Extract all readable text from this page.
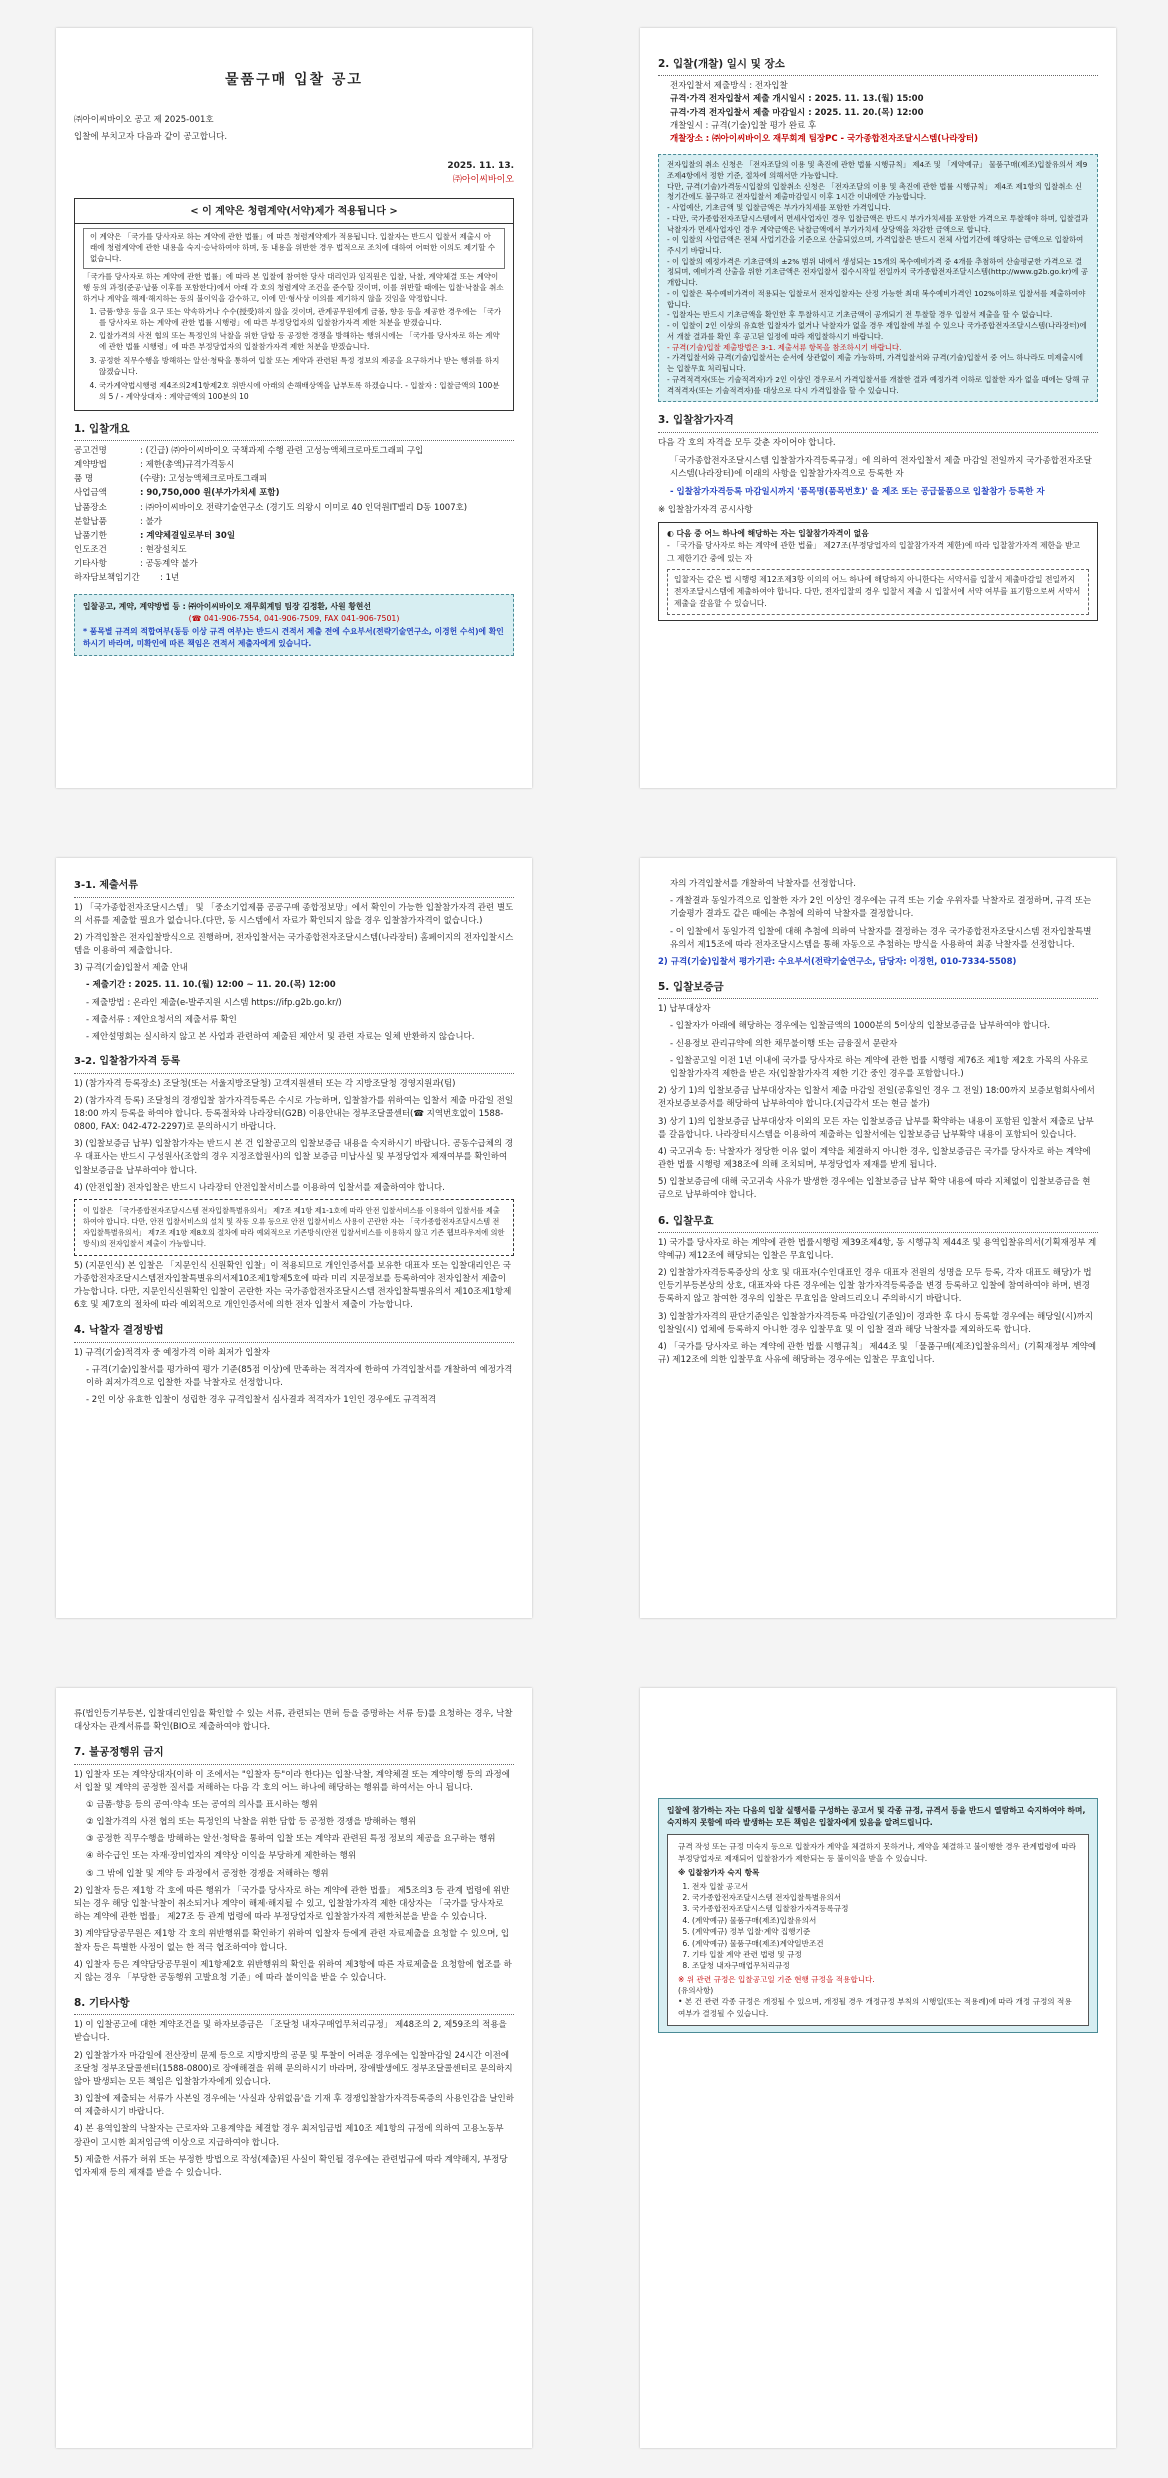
물품구매 입찰 공고

㈜아이씨바이오 공고 제 2025-001호

입찰에 부치고자 다음과 같이 공고합니다.

2025. 11. 13.
㈜아이씨바이오
< 이 계약은 청렴계약(서약)제가 적용됩니다 >
이 계약은 「국가를 당사자로 하는 계약에 관한 법률」에 따른 청렴계약제가 적용됩니다. 입찰자는 반드시 입찰서 제출시 아래에 청렴계약에 관한 내용을 숙지·승낙하여야 하며, 동 내용을 위반한 경우 법적으로 조치에 대하여 어떠한 이의도 제기할 수 없습니다.
「국가를 당사자로 하는 계약에 관한 법률」에 따라 본 입찰에 참여한 당사 대리인과 임직원은 입찰, 낙찰, 계약체결 또는 계약이행 등의 과정(준공·납품 이후를 포함한다)에서 아래 각 호의 청렴계약 조건을 준수할 것이며, 이를 위반할 때에는 입찰·낙찰을 취소하거나 계약을 해제·해지하는 등의 불이익을 감수하고, 이에 민·형사상 이의를 제기하지 않을 것임을 약정합니다.
1. 금품·향응 등을 요구 또는 약속하거나 수수(授受)하지 않을 것이며, 관계공무원에게 금품, 향응 등을 제공한 경우에는 「국가를 당사자로 하는 계약에 관한 법률 시행령」에 따른 부정당업자의 입찰참가자격 제한 처분을 받겠습니다.
2. 입찰가격의 사전 협의 또는 특정인의 낙찰을 위한 담합 등 공정한 경쟁을 방해하는 행위시에는 「국가를 당사자로 하는 계약에 관한 법률 시행령」에 따른 부정당업자의 입찰참가자격 제한 처분을 받겠습니다.
3. 공정한 직무수행을 방해하는 알선·청탁을 통하여 입찰 또는 계약과 관련된 특정 정보의 제공을 요구하거나 받는 행위를 하지 않겠습니다.
4. 국가계약법시행령 제4조의2제1항제2호 위반시에 아래의 손해배상액을 납부토록 하겠습니다. - 입찰자 : 입찰금액의 100분의 5 / - 계약상대자 : 계약금액의 100분의 10
1. 입찰개요
공고건명	: (긴급) ㈜아이씨바이오 국책과제 수행 관련 고성능액체크로마토그래피 구입
계약방법	: 제한(총액)규격가격동시
품 명	(수량): 고성능액체크로마토그래피
사업금액	: 90,750,000 원(부가가치세 포함)
납품장소	: ㈜아이씨바이오 전략기술연구소 (경기도 의왕시 이미로 40 인덕원IT밸리 D동 1007호)
분할납품	: 불가
납품기한	: 계약체결일로부터 30일
인도조건	: 현장설치도
기타사항	: 공동계약 불가
하자담보책임기간	: 1년
입찰공고, 계약, 계약방법 등 : ㈜아이씨바이오 재무회계팀 팀장 김정환, 사원 황현선
(☎ 041-906-7554, 041-906-7509, FAX 041-906-7501)
* 품목별 규격의 적합여부(동등 이상 규격 여부)는 반드시 견적서 제출 전에 수요부서(전략기술연구소, 이경헌 수석)에 확인하시기 바라며, 미확인에 따른 책임은 견적서 제출자에게 있습니다.
2. 입찰(개찰) 일시 및 장소
전자입찰서 제출방식 : 전자입찰
규격·가격 전자입찰서 제출 개시일시 : 2025. 11. 13.(월) 15:00
규격·가격 전자입찰서 제출 마감일시 : 2025. 11. 20.(목) 12:00
개찰일시 : 규격(기술)입찰 평가 완료 후
개찰장소 : ㈜아이씨바이오 재무회계 팀장PC - 국가종합전자조달시스템(나라장터)
전자입찰의 취소 신청은 「전자조달의 이용 및 촉진에 관한 법률 시행규칙」 제4조 및 「계약예규」 물품구매(제조)입찰유의서 제9조제4항에서 정한 기준, 절차에 의해서만 가능합니다.
다만, 규격(기술)가격동시입찰의 입찰취소 신청은 「전자조달의 이용 및 촉진에 관한 법률 시행규칙」 제4조 제1항의 입찰취소 신청기간에도 불구하고 전자입찰서 제출마감일시 이후 1시간 이내에만 가능합니다.
- 사업예산, 기초금액 및 입찰금액은 부가가치세를 포함한 가격입니다.
- 다만, 국가종합전자조달시스템에서 면세사업자인 경우 입찰금액은 반드시 부가가치세를 포함한 가격으로 투찰해야 하며, 입찰결과 낙찰자가 면세사업자인 경우 계약금액은 낙찰금액에서 부가가치세 상당액을 차감한 금액으로 합니다.
- 이 입찰의 사업금액은 전체 사업기간을 기준으로 산출되었으며, 가격입찰은 반드시 전체 사업기간에 해당하는 금액으로 입찰하여 주시기 바랍니다.
- 이 입찰의 예정가격은 기초금액의 ±2% 범위 내에서 생성되는 15개의 복수예비가격 중 4개를 추첨하여 산술평균한 가격으로 결정되며, 예비가격 산출을 위한 기초금액은 전자입찰서 접수시작일 전일까지 국가종합전자조달시스템(http://www.g2b.go.kr)에 공개합니다.
- 이 입찰은 복수예비가격이 적용되는 입찰로서 전자입찰자는 산정 가능한 최대 복수예비가격인 102%이하로 입찰서를 제출하여야 합니다.
- 입찰자는 반드시 기초금액을 확인한 후 투찰하시고 기초금액이 공개되기 전 투찰할 경우 입찰서 제출을 할 수 없습니다.
- 이 입찰이 2인 이상의 유효한 입찰자가 없거나 낙찰자가 없을 경우 재입찰에 부칠 수 있으나 국가종합전자조달시스템(나라장터)에서 개찰 결과를 확인 후 공고된 일정에 따라 재입찰하시기 바랍니다.
- 규격(기술)입찰 제출방법은 3-1. 제출서류 항목을 참조하시기 바랍니다.
- 가격입찰서와 규격(기술)입찰서는 순서에 상관없이 제출 가능하며, 가격입찰서와 규격(기술)입찰서 중 어느 하나라도 미제출시에는 입찰무효 처리됩니다.
- 규격적격자(또는 기술적격자)가 2인 이상인 경우로서 가격입찰서를 개찰한 결과 예정가격 이하로 입찰한 자가 없을 때에는 당해 규격적격자(또는 기술적격자)를 대상으로 다시 가격입찰을 할 수 있습니다.
3. 입찰참가자격
다음 각 호의 자격을 모두 갖춘 자이어야 합니다.
「국가종합전자조달시스템 입찰참가자격등록규정」에 의하여 전자입찰서 제출 마감일 전일까지 국가종합전자조달시스템(나라장터)에 이래의 사항을 입찰참가자격으로 등록한 자
- 입찰참가자격등록 마감일시까지 '품목명(품목번호)' 을 제조 또는 공급물품으로 입찰참가 등록한 자
※ 입찰참가자격 공시사항
◐ 다음 중 어느 하나에 해당하는 자는 입찰참가자격이 없음
- 「국가를 당사자로 하는 계약에 관한 법률」 제27조(부정당업자의 입찰참가자격 제한)에 따라 입찰참가자격 제한을 받고 그 제한기간 중에 있는 자
입찰자는 같은 법 시행령 제12조제3항 이의의 어느 하나에 해당하지 아니한다는 서약서를 입찰서 제출마감일 전일까지 전자조달시스템에 제출하여야 합니다. 다만, 전자입찰의 경우 입찰서 제출 시 입찰서에 서약 여부를 표기함으로써 서약서 제출을 갈음할 수 있습니다.
3-1. 제출서류
1) 「국가종합전자조달시스템」 및 「중소기업제품 공공구매 종합정보망」에서 확인이 가능한 입찰참가자격 관련 별도의 서류를 제출할 필요가 없습니다.(다만, 동 시스템에서 자료가 확인되지 않을 경우 입찰참가자격이 없습니다.)
2) 가격입찰은 전자입찰방식으로 진행하며, 전자입찰서는 국가종합전자조달시스템(나라장터) 홈페이지의 전자입찰시스템을 이용하여 제출합니다.
3) 규격(기술)입찰서 제출 안내
- 제출기간 : 2025. 11. 10.(월) 12:00 ~ 11. 20.(목) 12:00
- 제출방법 : 온라인 제출(e-발주지원 시스템 https://ifp.g2b.go.kr/)
- 제출서류 : 제안요청서의 제출서류 확인
- 제안설명회는 실시하지 않고 본 사업과 관련하여 제출된 제안서 및 관련 자료는 일체 반환하지 않습니다.
3-2. 입찰참가자격 등록
1) (참가자격 등록장소) 조달청(또는 서울지방조달청) 고객지원센터 또는 각 지방조달청 경영지원과(팀)
2) (참가자격 등록) 조달청의 경쟁입찰 참가자격등록은 수시로 가능하며, 입찰참가를 위하여는 입찰서 제출 마감일 전일 18:00 까지 등록을 하여야 합니다. 등록절차와 나라장터(G2B) 이용안내는 정부조달콜센터(☎ 지역번호없이 1588-0800, FAX: 042-472-2297)로 문의하시기 바랍니다.
3) (입찰보증금 납부) 입찰참가자는 반드시 본 건 입찰공고의 입찰보증금 내용을 숙지하시기 바랍니다. 공동수급체의 경우 대표사는 반드시 구성원사(조합의 경우 지정조합원사)의 입찰 보증금 미납사실 및 부정당업자 제재여부를 확인하여 입찰보증금을 납부하여야 합니다.
4) (안전입찰) 전자입찰은 반드시 나라장터 안전입찰서비스를 이용하여 입찰서를 제출하여야 합니다.
이 입찰은 「국가종합전자조달시스템 전자입찰특별유의서」 제7조 제1항 제1-1호에 따라 안전 입찰서비스를 이용하여 입찰서를 제출하여야 합니다. 다만, 안전 입찰서비스의 설치 및 작동 오류 등으로 안전 입찰서비스 사용이 곤란한 자는 「국가종합전자조달시스템 전자입찰특별유의서」 제7조 제1항 제8호의 절차에 따라 예외적으로 기존방식(안전 입찰서비스를 이용하지 않고 기존 웹브라우저에 의한 방식)의 전자입찰서 제출이 가능합니다.
5) (지문인식) 본 입찰은 「지문인식 신원확인 입찰」이 적용되므로 개인인증서를 보유한 대표자 또는 입찰대리인은 국가종합전자조달시스템전자입찰특별유의서제10조제1항제5호에 따라 미리 지문정보를 등록하여야 전자입찰서 제출이 가능합니다. 다만, 지문인식신원확인 입찰이 곤란한 자는 국가종합전자조달시스템 전자입찰특별유의서 제10조제1항제6호 및 제7호의 절차에 따라 예외적으로 개인인증서에 의한 전자 입찰서 제출이 가능합니다.
4. 낙찰자 결정방법
1) 규격(기술)적격자 중 예정가격 이하 최저가 입찰자
- 규격(기술)입찰서를 평가하여 평가 기준(85점 이상)에 만족하는 적격자에 한하여 가격입찰서를 개찰하여 예정가격이하 최저가격으로 입찰한 자를 낙찰자로 선정합니다.
- 2인 이상 유효한 입찰이 성립한 경우 규격입찰서 심사결과 적격자가 1인인 경우에도 규격적격
자의 가격입찰서를 개찰하여 낙찰자를 선정합니다.
- 개찰결과 동일가격으로 입찰한 자가 2인 이상인 경우에는 규격 또는 기술 우위자를 낙찰자로 결정하며, 규격 또는 기술평가 결과도 같은 때에는 추첨에 의하여 낙찰자를 결정합니다.
- 이 입찰에서 동일가격 입찰에 대해 추첨에 의하여 낙찰자를 결정하는 경우 국가종합전자조달시스템 전자입찰특별유의서 제15조에 따라 전자조달시스템을 통해 자동으로 추첨하는 방식을 사용하여 최종 낙찰자를 선정합니다.
2) 규격(기술)입찰서 평가기관: 수요부서(전략기술연구소, 담당자: 이경헌, 010-7334-5508)
5. 입찰보증금
1) 납부대상자
- 입찰자가 아래에 해당하는 경우에는 입찰금액의 1000분의 5이상의 입찰보증금을 납부하여야 합니다.
- 신용정보 관리규약에 의한 채무불이행 또는 금융질서 문란자
- 입찰공고일 이전 1년 이내에 국가를 당사자로 하는 계약에 관한 법률 시행령 제76조 제1항 제2호 가목의 사유로 입찰참가자격 제한을 받은 자(입찰참가자격 제한 기간 중인 경우를 포함합니다.)
2) 상기 1)의 입찰보증금 납부대상자는 입찰서 제출 마감일 전일(공휴일인 경우 그 전일) 18:00까지 보증보험회사에서 전자보증보증서를 해당하여 납부하여야 합니다.(지급각서 또는 현금 불가)
3) 상기 1)의 입찰보증금 납부대상자 이외의 모든 자는 입찰보증금 납부를 확약하는 내용이 포함된 입찰서 제출로 납부를 갈음합니다. 나라장터시스템을 이용하여 제출하는 입찰서에는 입찰보증금 납부확약 내용이 포함되어 있습니다.
4) 국고귀속 등: 낙찰자가 정당한 이유 없이 계약을 체결하지 아니한 경우, 입찰보증금은 국가를 당사자로 하는 계약에 관한 법률 시행령 제38조에 의해 조치되며, 부정당업자 제재를 받게 됩니다.
5) 입찰보증금에 대해 국고귀속 사유가 발생한 경우에는 입찰보증금 납부 확약 내용에 따라 지체없이 입찰보증금을 현금으로 납부하여야 합니다.
6. 입찰무효
1) 국가를 당사자로 하는 계약에 관한 법률시행령 제39조제4항, 동 시행규칙 제44조 및 용역입찰유의서(기획재정부 계약예규) 제12조에 해당되는 입찰은 무효입니다.
2) 입찰참가자격등록증상의 상호 및 대표자(수인대표인 경우 대표자 전원의 성명을 모두 등록, 각자 대표도 해당)가 법인등기부등본상의 상호, 대표자와 다른 경우에는 입찰 참가자격등록증을 변경 등록하고 입찰에 참여하여야 하며, 변경등록하지 않고 참여한 경우의 입찰은 무효임을 알려드리오니 주의하시기 바랍니다.
3) 입찰참가자격의 판단기준일은 입찰참가자격등록 마감일(기준일)이 경과한 후 다시 등록할 경우에는 해당일(시)까지 입찰일(시) 업체에 등록하지 아니한 경우 입찰무효 및 이 입찰 결과 해당 낙찰자를 제외하도록 합니다.
4) 「국가를 당사자로 하는 계약에 관한 법률 시행규칙」 제44조 및 「물품구매(제조)입찰유의서」(기획재정부 계약예규) 제12조에 의한 입찰무효 사유에 해당하는 경우에는 입찰은 무효입니다.
류(법인등기부등본, 입찰대리인임을 확인할 수 있는 서류, 관련되는 면허 등을 증명하는 서류 등)를 요청하는 경우, 낙찰대상자는 관계서류를 확인(BIO로 제출하여야 합니다.
7. 불공정행위 금지
1) 입찰자 또는 계약상대자(이하 이 조에서는 "입찰자 등"이라 한다)는 입찰·낙찰, 계약체결 또는 계약이행 등의 과정에서 입찰 및 계약의 공정한 질서를 저해하는 다음 각 호의 어느 하나에 해당하는 행위를 하여서는 아니 됩니다.
① 금품·향응 등의 공여·약속 또는 공여의 의사를 표시하는 행위
② 입찰가격의 사전 협의 또는 특정인의 낙찰을 위한 담합 등 공정한 경쟁을 방해하는 행위
③ 공정한 직무수행을 방해하는 알선·청탁을 통하여 입찰 또는 계약과 관련된 특정 정보의 제공을 요구하는 행위
④ 하수급인 또는 자재·장비업자의 계약상 이익을 부당하게 제한하는 행위
⑤ 그 밖에 입찰 및 계약 등 과정에서 공정한 경쟁을 저해하는 행위
2) 입찰자 등은 제1항 각 호에 따른 행위가 「국가를 당사자로 하는 계약에 관한 법률」 제5조의3 등 관계 법령에 위반되는 경우 해당 입찰·낙찰이 취소되거나 계약이 해제·해지될 수 있고, 입찰참가자격 제한 대상자는 「국가를 당사자로 하는 계약에 관한 법률」 제27조 등 관계 법령에 따라 부정당업자로 입찰참가자격 제한처분을 받을 수 있습니다.
3) 계약담당공무원은 제1항 각 호의 위반행위를 확인하기 위하여 입찰자 등에게 관련 자료제출을 요청할 수 있으며, 입찰자 등은 특별한 사정이 없는 한 적극 협조하여야 합니다.
4) 입찰자 등은 계약담당공무원이 제1항제2호 위반행위의 확인을 위하여 제3항에 따른 자료제출을 요청함에 협조를 하지 않는 경우 「부당한 공동행위 고발요청 기준」에 따라 불이익을 받을 수 있습니다.
8. 기타사항
1) 이 입찰공고에 대한 계약조건을 및 하자보증금은 「조달청 내자구매업무처리규정」 제48조의 2, 제59조의 적용을 받습니다.
2) 입찰참가자 마감일에 전산장비 문제 등으로 지방지방의 공문 및 투찰이 어려운 경우에는 입찰마감일 24시간 이전에 조달청 정부조달콜센터(1588-0800)로 장애해결을 위해 문의하시기 바라며, 장애발생에도 정부조달콜센터로 문의하지 않아 발생되는 모든 책임은 입찰참가자에게 있습니다.
3) 입찰에 제출되는 서류가 사본일 경우에는 '사실과 상위없음'을 기재 후 경쟁입찰참가자격등록증의 사용인감을 날인하여 제출하시기 바랍니다.
4) 본 용역입찰의 낙찰자는 근로자와 고용계약을 체결할 경우 최저임금법 제10조 제1항의 규정에 의하여 고용노동부 장관이 고시한 최저임금액 이상으로 지급하여야 합니다.
5) 제출한 서류가 허위 또는 부정한 방법으로 작성(제출)된 사실이 확인될 경우에는 관련법규에 따라 계약해지, 부정당업자제재 등의 제재를 받을 수 있습니다.
입찰에 참가하는 자는 다음의 입찰 실행서를 구성하는 공고서 및 각종 규정, 규격서 등을 반드시 열람하고 숙지하여야 하며, 숙지하지 못함에 따라 발생하는 모든 책임은 입찰자에게 있음을 알려드립니다.
규격 작성 또는 규정 미숙지 등으로 입찰자가 계약을 체결하지 못하거나, 계약을 체결하고 불이행한 경우 관계법령에 따라 부정당업자로 제재되어 입찰참가가 제한되는 등 불이익을 받을 수 있습니다.
※ 입찰참가자 숙지 항목
1. 전자 입찰 공고서
2. 국가종합전자조달시스템 전자입찰특별유의서
3. 국가종합전자조달시스템 입찰참가자격등록규정
4. (계약예규) 물품구매(제조)입찰유의서
5. (계약예규) 정부 입찰·계약 집행기준
6. (계약예규) 물품구매(제조)계약일반조건
7. 기타 입찰 계약 관련 법령 및 규정
8. 조달청 내자구매업무처리규정
※ 위 관련 규정은 입찰공고일 기준 현행 규정을 적용합니다.
(유의사항)
• 본 건 관련 각종 규정은 개정될 수 있으며, 개정될 경우 개정규정 부칙의 시행일(또는 적용례)에 따라 개정 규정의 적용 여부가 결정될 수 있습니다.
